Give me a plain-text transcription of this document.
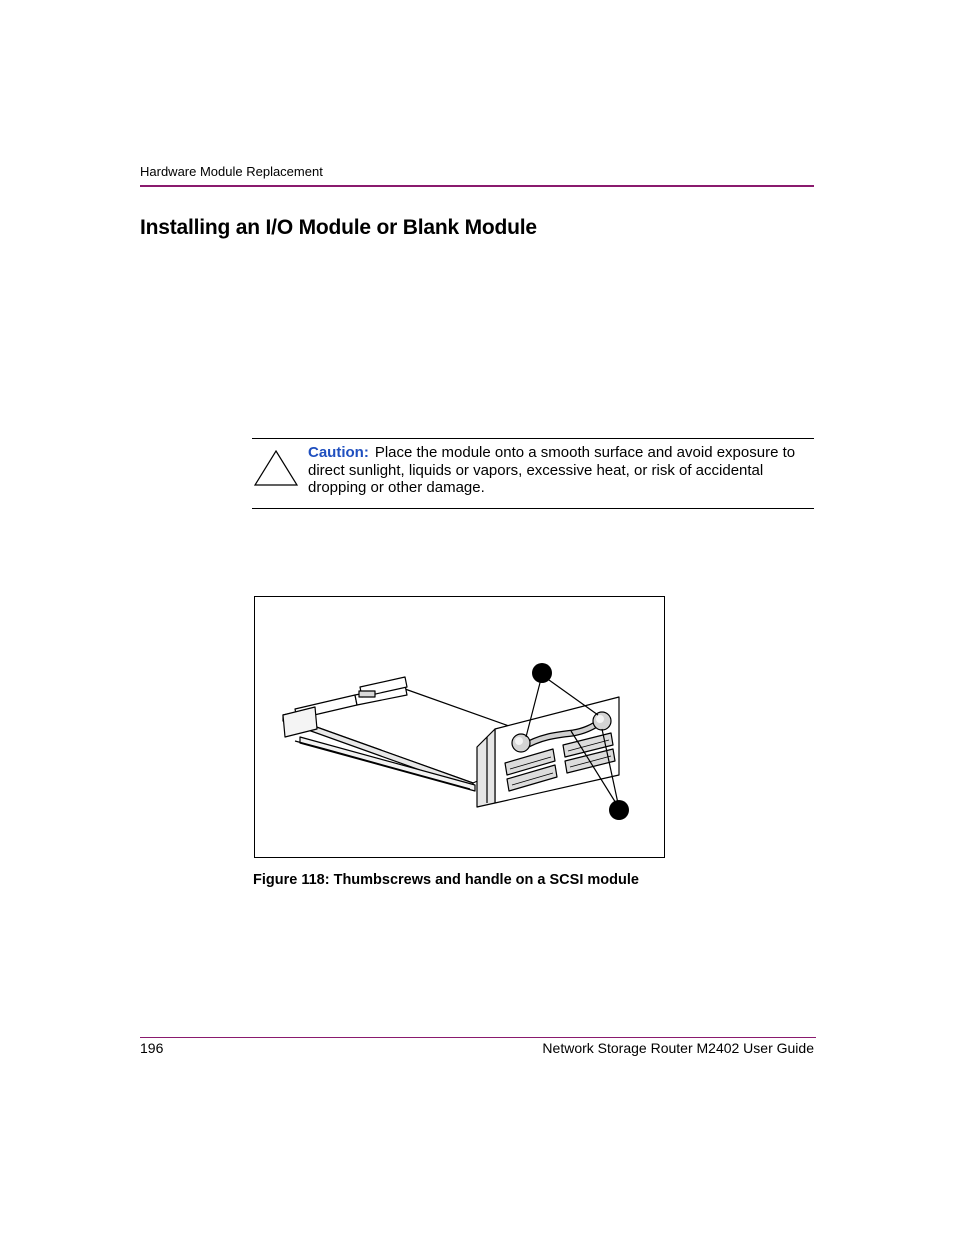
Hardware Module Replacement
Installing an I/O Module or Blank Module
Caution: Place the module onto a smooth surface and avoid exposure to direct sunlight, liquids or vapors, excessive heat, or risk of accidental dropping or other damage.
Figure 118: Thumbscrews and handle on a SCSI module
196	Network Storage Router M2402 User Guide
